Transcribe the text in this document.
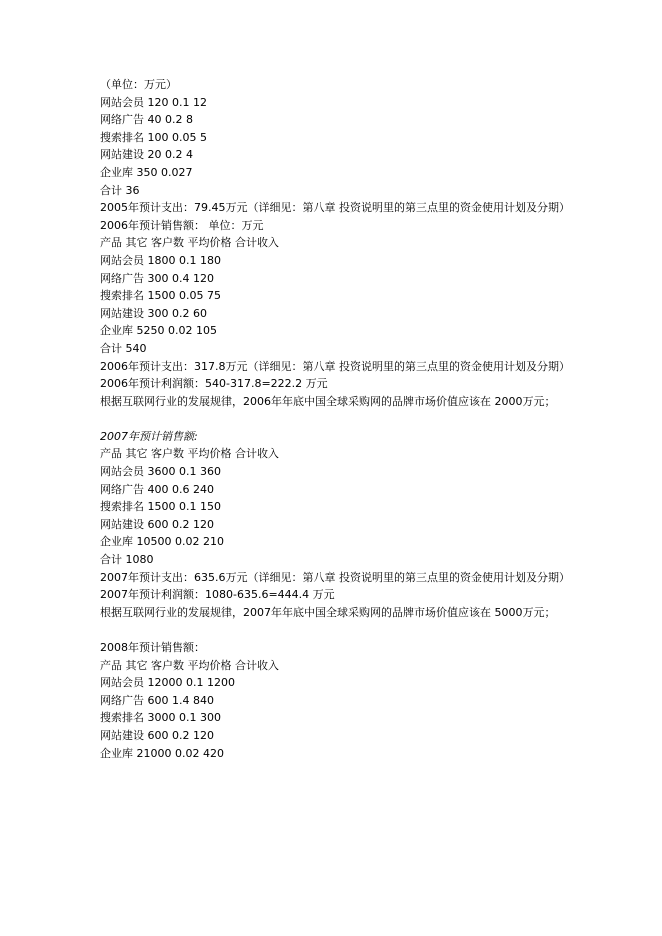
（单位：万元）
网站会员 120 0.1 12
网络广告 40 0.2 8
搜索排名 100 0.05 5
网站建设 20 0.2 4
企业库 350 0.027
合计 36
2005年预计支出：79.45万元（详细见：第八章 投资说明里的第三点里的资金使用计划及分期）
2006年预计销售额： 单位：万元
产品 其它 客户数 平均价格 合计收入
网站会员 1800 0.1 180
网络广告 300 0.4 120
搜索排名 1500 0.05 75
网站建设 300 0.2 60
企业库 5250 0.02 105
合计 540
2006年预计支出：317.8万元（详细见：第八章 投资说明里的第三点里的资金使用计划及分期）
2006年预计利润额：540-317.8=222.2 万元
根据互联网行业的发展规律，2006年年底中国全球采购网的品牌市场价值应该在 2000万元；
2007年预计销售额:
产品 其它 客户数 平均价格 合计收入
网站会员 3600 0.1 360
网络广告 400 0.6 240
搜索排名 1500 0.1 150
网站建设 600 0.2 120
企业库 10500 0.02 210
合计 1080
2007年预计支出：635.6万元（详细见：第八章 投资说明里的第三点里的资金使用计划及分期）
2007年预计利润额：1080-635.6=444.4 万元
根据互联网行业的发展规律，2007年年底中国全球采购网的品牌市场价值应该在 5000万元；
2008年预计销售额：
产品 其它 客户数 平均价格 合计收入
网站会员 12000 0.1 1200
网络广告 600 1.4 840
搜索排名 3000 0.1 300
网站建设 600 0.2 120
企业库 21000 0.02 420
